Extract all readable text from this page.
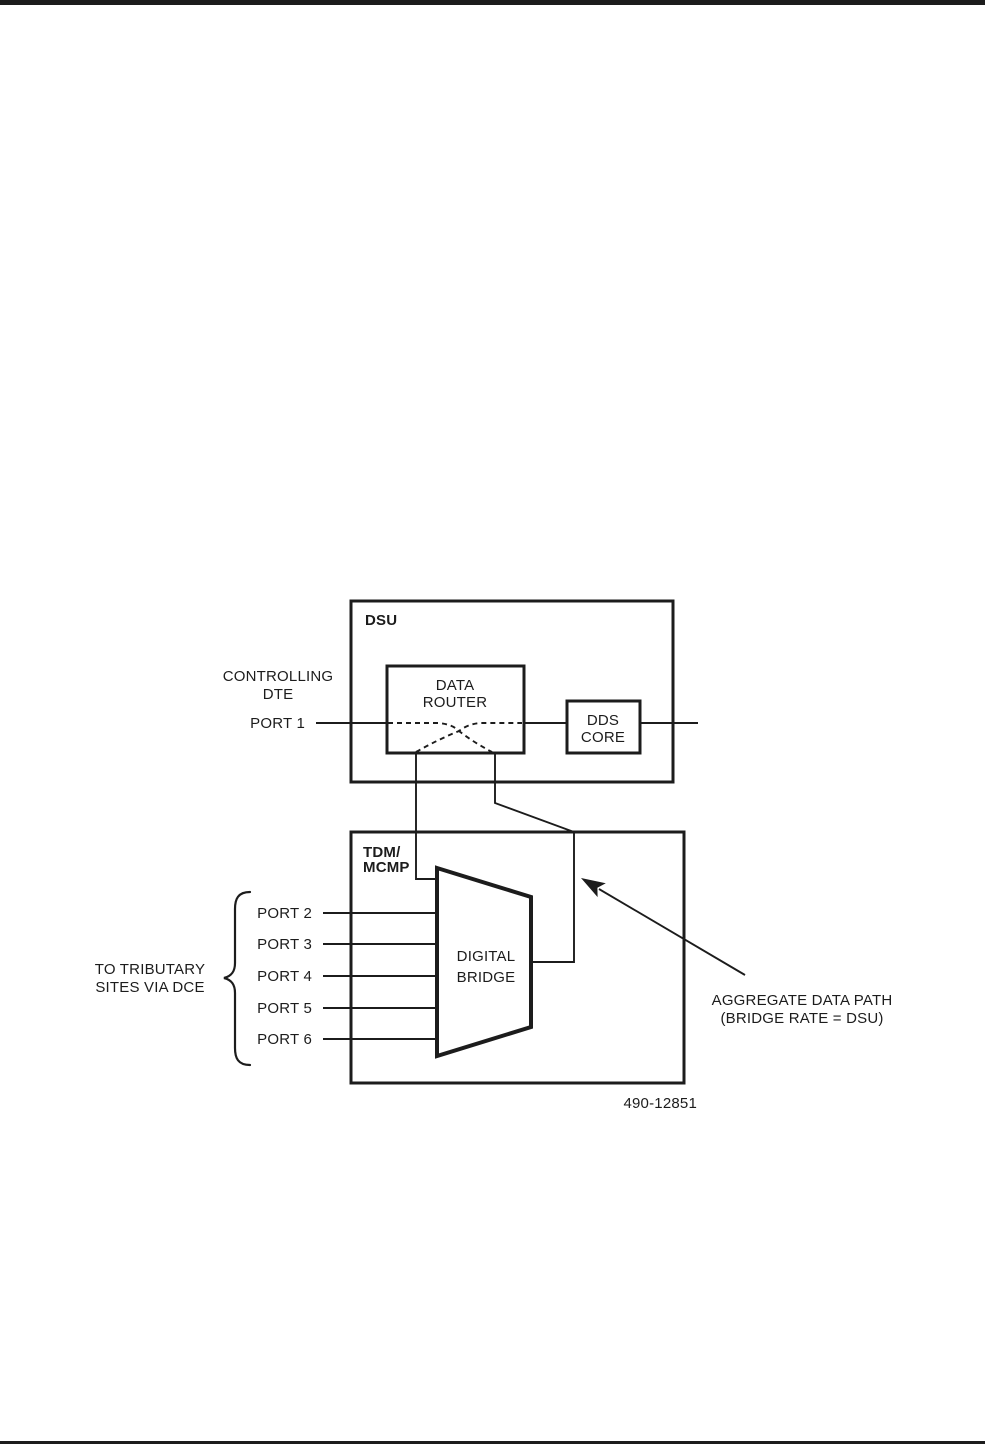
DSU
DATA
ROUTER
DDS
CORE
TDM/
MCMP
DIGITAL
BRIDGE
CONTROLLING
DTE
PORT 1
PORT 2
PORT 3
PORT 4
PORT 5
PORT 6
TO TRIBUTARY
SITES VIA DCE
AGGREGATE DATA PATH
(BRIDGE RATE = DSU)
490-12851
